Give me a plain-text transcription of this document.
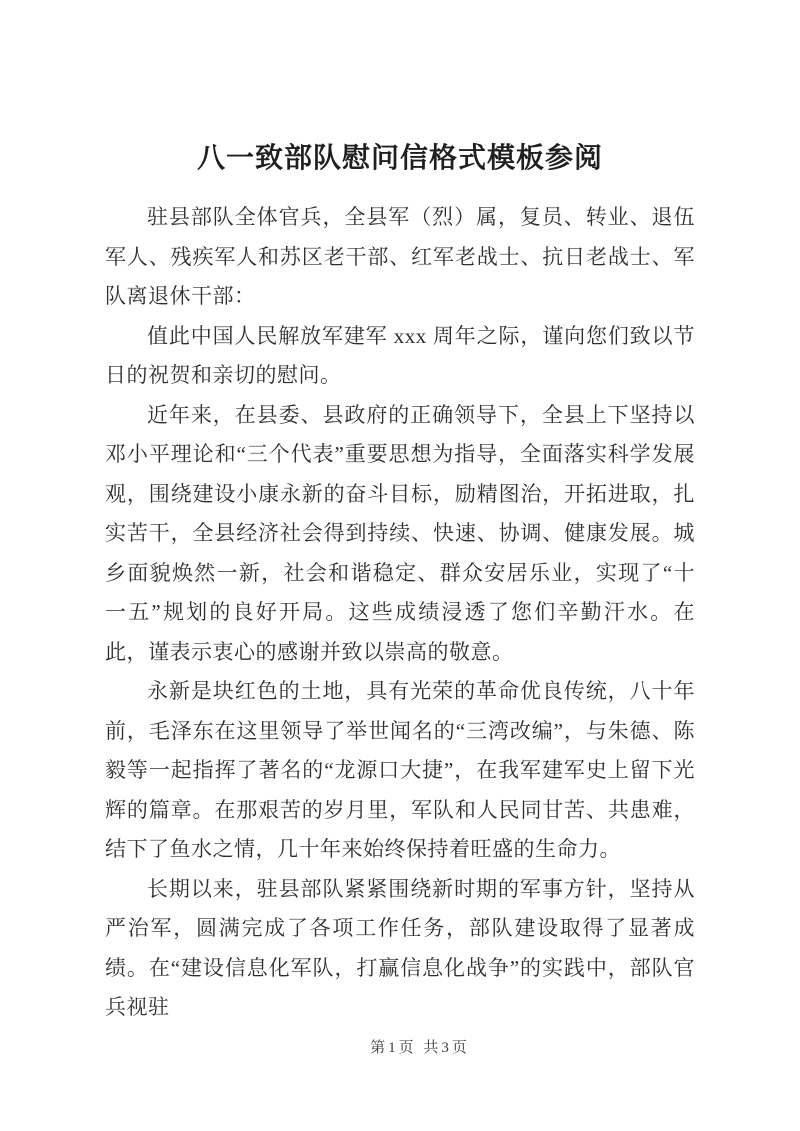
八一致部队慰问信格式模板参阅

驻县部队全体官兵，全县军（烈）属，复员、转业、退伍军人、残疾军人和苏区老干部、红军老战士、抗日老战士、军队离退休干部：

值此中国人民解放军建军 xxx 周年之际，谨向您们致以节日的祝贺和亲切的慰问。

近年来，在县委、县政府的正确领导下，全县上下坚持以邓小平理论和“三个代表”重要思想为指导，全面落实科学发展观，围绕建设小康永新的奋斗目标，励精图治，开拓进取，扎实苦干，全县经济社会得到持续、快速、协调、健康发展。城乡面貌焕然一新，社会和谐稳定、群众安居乐业，实现了“十一五”规划的良好开局。这些成绩浸透了您们辛勤汗水。在此，谨表示衷心的感谢并致以崇高的敬意。

永新是块红色的土地，具有光荣的革命优良传统，八十年前，毛泽东在这里领导了举世闻名的“三湾改编”，与朱德、陈毅等一起指挥了著名的“龙源口大捷”，在我军建军史上留下光辉的篇章。在那艰苦的岁月里，军队和人民同甘苦、共患难，结下了鱼水之情，几十年来始终保持着旺盛的生命力。

长期以来，驻县部队紧紧围绕新时期的军事方针，坚持从严治军，圆满完成了各项工作任务，部队建设取得了显著成绩。在“建设信息化军队，打赢信息化战争”的实践中，部队官兵视驻

第1页 共3页
